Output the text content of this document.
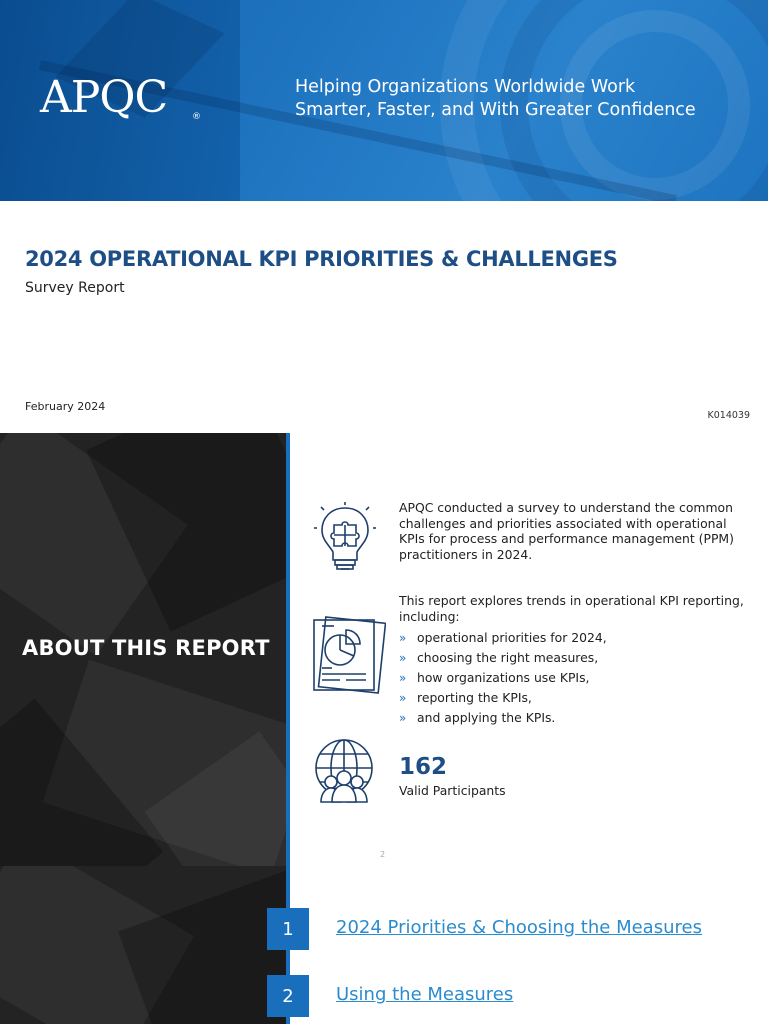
APQC	®
Helping Organizations Worldwide Work
Smarter, Faster, and With Greater Confidence
2024 OPERATIONAL KPI PRIORITIES & CHALLENGES
Survey Report
February 2024
K014039
ABOUT THIS REPORT
APQC conducted a survey to understand the common challenges and priorities associated with operational KPIs for process and performance management (PPM) practitioners in 2024.
This report explores trends in operational KPI reporting, including:
» operational priorities for 2024,
» choosing the right measures,
» how organizations use KPIs,
» reporting the KPIs,
» and applying the KPIs.
162
Valid Participants
2
1	2024 Priorities & Choosing the Measures
2	Using the Measures
